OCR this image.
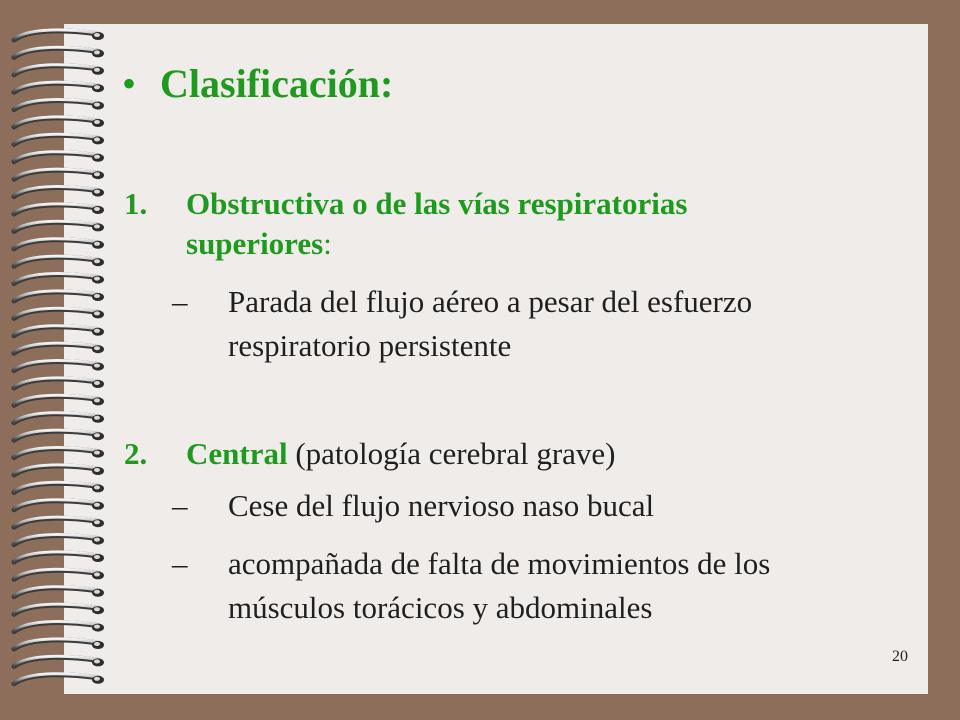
• Clasificación:
1. Obstructiva o de las vías respiratorias
superiores:
– Parada del flujo aéreo a pesar del esfuerzo
respiratorio persistente
2. Central (patología cerebral grave)
– Cese del flujo nervioso naso bucal
– acompañada de falta de movimientos de los
músculos torácicos y abdominales
20
